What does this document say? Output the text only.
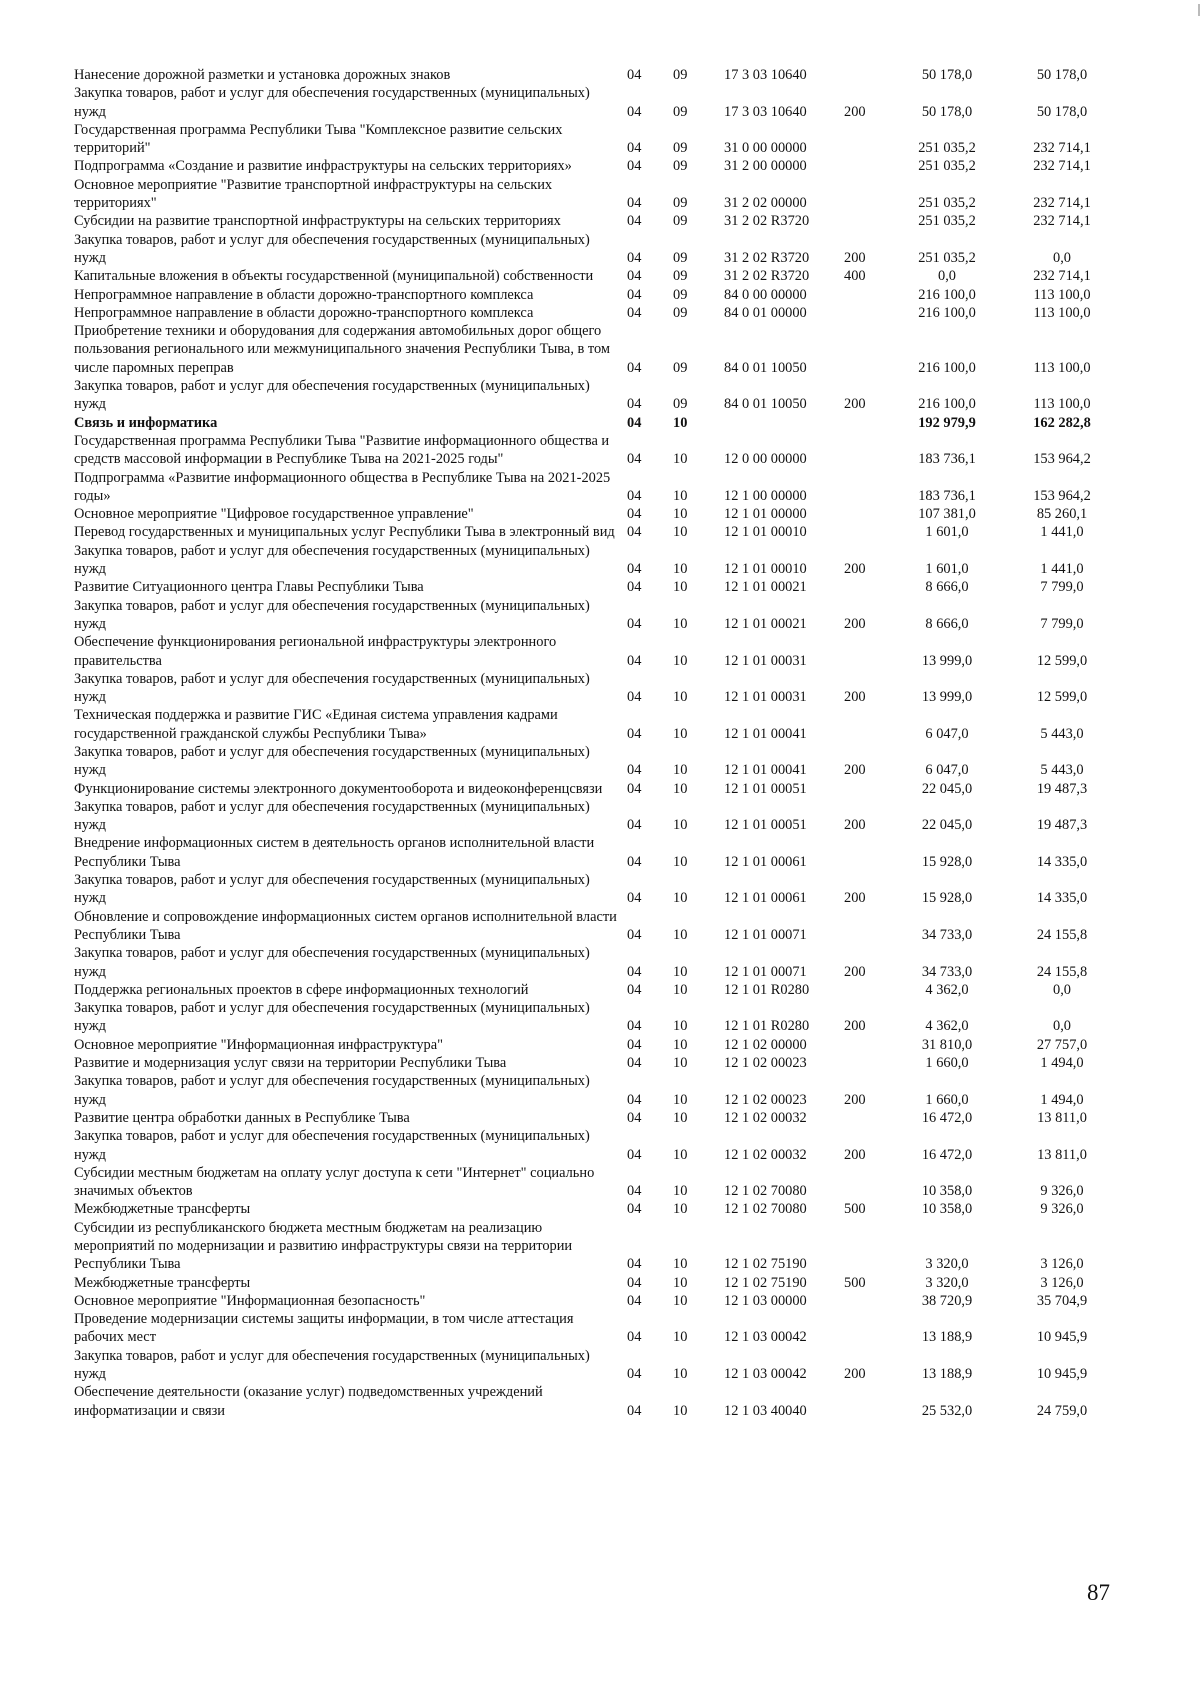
Нанесение дорожной разметки и установка дорожных знаков	04	09	17 3 03 10640		50 178,0	50 178,0
Закупка товаров, работ и услуг для обеспечения государственных (муниципальных) нужд	04	09	17 3 03 10640	200	50 178,0	50 178,0
Государственная программа Республики Тыва "Комплексное развитие сельских территорий"	04	09	31 0 00 00000		251 035,2	232 714,1
Подпрограмма «Создание и развитие инфраструктуры на сельских территориях»	04	09	31 2 00 00000		251 035,2	232 714,1
Основное мероприятие "Развитие транспортной инфраструктуры на сельских территориях"	04	09	31 2 02 00000		251 035,2	232 714,1
Субсидии на развитие транспортной инфраструктуры на сельских территориях	04	09	31 2 02 R3720		251 035,2	232 714,1
Закупка товаров, работ и услуг для обеспечения государственных (муниципальных) нужд	04	09	31 2 02 R3720	200	251 035,2	0,0
Капитальные вложения в объекты государственной (муниципальной) собственности	04	09	31 2 02 R3720	400	0,0	232 714,1
Непрограммное направление в области дорожно-транспортного комплекса	04	09	84 0 00 00000		216 100,0	113 100,0
Непрограммное направление в области дорожно-транспортного комплекса	04	09	84 0 01 00000		216 100,0	113 100,0
Приобретение техники и оборудования для содержания автомобильных дорог общего пользования регионального или межмуниципального значения Республики Тыва, в том числе паромных переправ	04	09	84 0 01 10050		216 100,0	113 100,0
Закупка товаров, работ и услуг для обеспечения государственных (муниципальных) нужд	04	09	84 0 01 10050	200	216 100,0	113 100,0
Связь и информатика	04	10			192 979,9	162 282,8
Государственная программа Республики Тыва "Развитие информационного общества и средств массовой информации в Республике Тыва на 2021-2025 годы"	04	10	12 0 00 00000		183 736,1	153 964,2
Подпрограмма «Развитие информационного общества в Республике Тыва на 2021-2025 годы»	04	10	12 1 00 00000		183 736,1	153 964,2
Основное мероприятие "Цифровое государственное управление"	04	10	12 1 01 00000		107 381,0	85 260,1
Перевод государственных и муниципальных услуг Республики Тыва в электронный вид	04	10	12 1 01 00010		1 601,0	1 441,0
Закупка товаров, работ и услуг для обеспечения государственных (муниципальных) нужд	04	10	12 1 01 00010	200	1 601,0	1 441,0
Развитие Ситуационного центра Главы Республики Тыва	04	10	12 1 01 00021		8 666,0	7 799,0
Закупка товаров, работ и услуг для обеспечения государственных (муниципальных) нужд	04	10	12 1 01 00021	200	8 666,0	7 799,0
Обеспечение функционирования региональной инфраструктуры электронного правительства	04	10	12 1 01 00031		13 999,0	12 599,0
Закупка товаров, работ и услуг для обеспечения государственных (муниципальных) нужд	04	10	12 1 01 00031	200	13 999,0	12 599,0
Техническая поддержка и развитие ГИС «Единая система управления кадрами государственной гражданской службы Республики Тыва»	04	10	12 1 01 00041		6 047,0	5 443,0
Закупка товаров, работ и услуг для обеспечения государственных (муниципальных) нужд	04	10	12 1 01 00041	200	6 047,0	5 443,0
Функционирование системы электронного документооборота и видеоконференцсвязи	04	10	12 1 01 00051		22 045,0	19 487,3
Закупка товаров, работ и услуг для обеспечения государственных (муниципальных) нужд	04	10	12 1 01 00051	200	22 045,0	19 487,3
Внедрение информационных систем в деятельность органов исполнительной власти Республики Тыва	04	10	12 1 01 00061		15 928,0	14 335,0
Закупка товаров, работ и услуг для обеспечения государственных (муниципальных) нужд	04	10	12 1 01 00061	200	15 928,0	14 335,0
Обновление и сопровождение информационных систем органов исполнительной власти Республики Тыва	04	10	12 1 01 00071		34 733,0	24 155,8
Закупка товаров, работ и услуг для обеспечения государственных (муниципальных) нужд	04	10	12 1 01 00071	200	34 733,0	24 155,8
Поддержка региональных проектов в сфере информационных технологий	04	10	12 1 01 R0280		4 362,0	0,0
Закупка товаров, работ и услуг для обеспечения государственных (муниципальных) нужд	04	10	12 1 01 R0280	200	4 362,0	0,0
Основное мероприятие "Информационная инфраструктура"	04	10	12 1 02 00000		31 810,0	27 757,0
Развитие и модернизация услуг связи на территории Республики Тыва	04	10	12 1 02 00023		1 660,0	1 494,0
Закупка товаров, работ и услуг для обеспечения государственных (муниципальных) нужд	04	10	12 1 02 00023	200	1 660,0	1 494,0
Развитие центра обработки данных в Республике Тыва	04	10	12 1 02 00032		16 472,0	13 811,0
Закупка товаров, работ и услуг для обеспечения государственных (муниципальных) нужд	04	10	12 1 02 00032	200	16 472,0	13 811,0
Субсидии местным бюджетам на оплату услуг доступа к сети "Интернет" социально значимых объектов	04	10	12 1 02 70080		10 358,0	9 326,0
Межбюджетные трансферты	04	10	12 1 02 70080	500	10 358,0	9 326,0
Субсидии из республиканского бюджета местным бюджетам на реализацию мероприятий по модернизации и развитию инфраструктуры связи на территории Республики Тыва	04	10	12 1 02 75190		3 320,0	3 126,0
Межбюджетные трансферты	04	10	12 1 02 75190	500	3 320,0	3 126,0
Основное мероприятие "Информационная безопасность"	04	10	12 1 03 00000		38 720,9	35 704,9
Проведение модернизации системы защиты информации, в том числе аттестация рабочих мест	04	10	12 1 03 00042		13 188,9	10 945,9
Закупка товаров, работ и услуг для обеспечения государственных (муниципальных) нужд	04	10	12 1 03 00042	200	13 188,9	10 945,9
Обеспечение деятельности (оказание услуг) подведомственных учреждений информатизации и связи	04	10	12 1 03 40040		25 532,0	24 759,0
87
